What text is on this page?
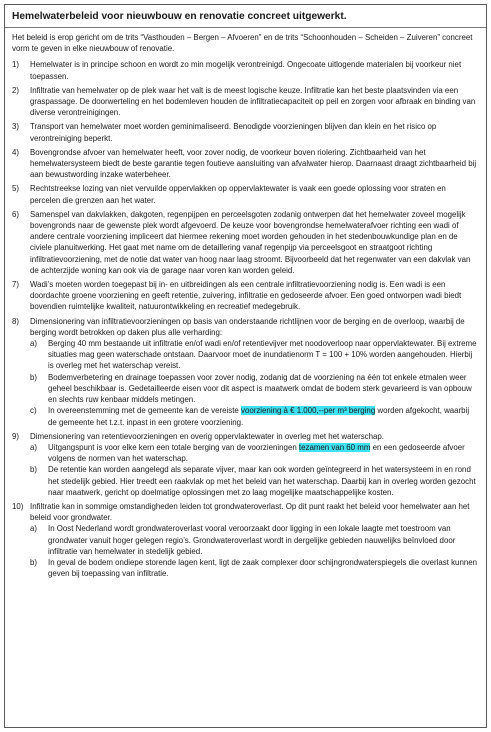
Hemelwaterbeleid voor nieuwbouw en renovatie concreet uitgewerkt.

Het beleid is erop gericht om de trits “Vasthouden – Bergen – Afvoeren” en de trits “Schoonhouden – Scheiden – Zuiveren” concreet vorm te geven in elke nieuwbouw of renovatie.

1)	Hemelwater is in principe schoon en wordt zo min mogelijk verontreinigd. Ongecoate uitlogende materialen bij voorkeur niet toepassen.
2)	Infiltratie van hemelwater op de plek waar het valt is de meest logische keuze. Infiltratie kan het beste plaatsvinden via een graspassage. De doorwerteling en het bodemleven houden de infiltratiecapaciteit op peil en zorgen voor afbraak en binding van diverse verontreinigingen.
3)	Transport van hemelwater moet worden geminimaliseerd. Benodigde voorzieningen blijven dan klein en het risico op verontreiniging beperkt.
4)	Bovengrondse afvoer van hemelwater heeft, voor zover nodig, de voorkeur boven riolering. Zichtbaarheid van het hemelwatersysteem biedt de beste garantie tegen foutieve aansluiting van afvalwater hierop. Daarnaast draagt zichtbaarheid bij aan bewustwording inzake waterbeheer.
5)	Rechtstreekse lozing van niet vervuilde oppervlakken op oppervlaktewater is vaak een goede oplossing voor straten en percelen die grenzen aan het water.
6)	Samenspel van dakvlakken, dakgoten, regenpijpen en perceelsgoten zodanig ontwerpen dat het hemelwater zoveel mogelijk bovengronds naar de gewenste plek wordt afgevoerd. De keuze voor bovengrondse hemelwaterafvoer richting een wadi of andere centrale voorziening impliceert dat hiermee rekening moet worden gehouden in het stedenbouwkundige plan en de civiele planuitwerking. Het gaat met name om de detaillering vanaf regenpijp via perceelsgoot en straatgoot richting infiltratievoorziening, met de notie dat water van hoog naar laag stroomt. Bijvoorbeeld dat het regenwater van een dakvlak van de achterzijde woning kan ook via de garage naar voren kan worden geleid.
7)	Wadi’s moeten worden toegepast bij in- en uitbreidingen als een centrale infiltratievoorziening nodig is. Een wadi is een doordachte groene voorziening en geeft retentie, zuivering, infiltratie en gedoseerde afvoer. Een goed ontworpen wadi biedt bovendien ruimtelijke kwaliteit, natuurontwikkeling en recreatief medegebruik.
8)	Dimensionering van infiltratievoorzieningen op basis van onderstaande richtlijnen voor de berging en de overloop, waarbij de berging wordt betrokken op daken plus alle verharding:
a)	Berging 40 mm bestaande uit infiltratie en/of wadi en/of retentievijver met noodoverloop naar oppervlaktewater. Bij extreme situaties mag geen waterschade ontstaan. Daarvoor moet de inundatienorm T = 100 + 10% worden aangehouden. Hierbij is overleg met het waterschap vereist.
b)	Bodemverbetering en drainage toepassen voor zover nodig, zodanig dat de voorziening na één tot enkele etmalen weer geheel beschikbaar is. Gedetailleerde eisen voor dit aspect is maatwerk omdat de bodem sterk gevarieerd is van opbouw en slechts ruw kenbaar middels metingen.
c)	In overeenstemming met de gemeente kan de vereiste voorziening à € 1.000,--per m³ berging worden afgekocht, waarbij de gemeente het t.z.t. inpast in een grotere voorziening.
9)	Dimensionering van retentievoorzieningen en overig oppervlaktewater in overleg met het waterschap.
a)	Uitgangspunt is voor elke kern een totale berging van de voorzieningen tezamen van 60 mm en een gedoseerde afvoer volgens de normen van het waterschap.
b)	De retentie kan worden aangelegd als separate vijver, maar kan ook worden geïntegreerd in het watersysteem in en rond het stedelijk gebied. Hier treedt een raakvlak op met het beleid van het waterschap. Daarbij kan in overleg worden gezocht naar maatwerk, gericht op doelmatige oplossingen met zo laag mogelijke maatschappelijke kosten.
10) Infiltratie kan in sommige omstandigheden leiden tot grondwateroverlast. Op dit punt raakt het beleid voor hemelwater aan het beleid voor grondwater.
a)	In Oost Nederland wordt grondwateroverlast vooral veroorzaakt door ligging in een lokale laagte met toestroom van grondwater vanuit hoger gelegen regio’s. Grondwateroverlast wordt in dergelijke gebieden nauwelijks beïnvloed door infiltratie van hemelwater in stedelijk gebied.
b)	In geval de bodem ondiepe storende lagen kent, ligt de zaak complexer door schijngrondwaterspiegels die overlast kunnen geven bij toepassing van infiltratie.
